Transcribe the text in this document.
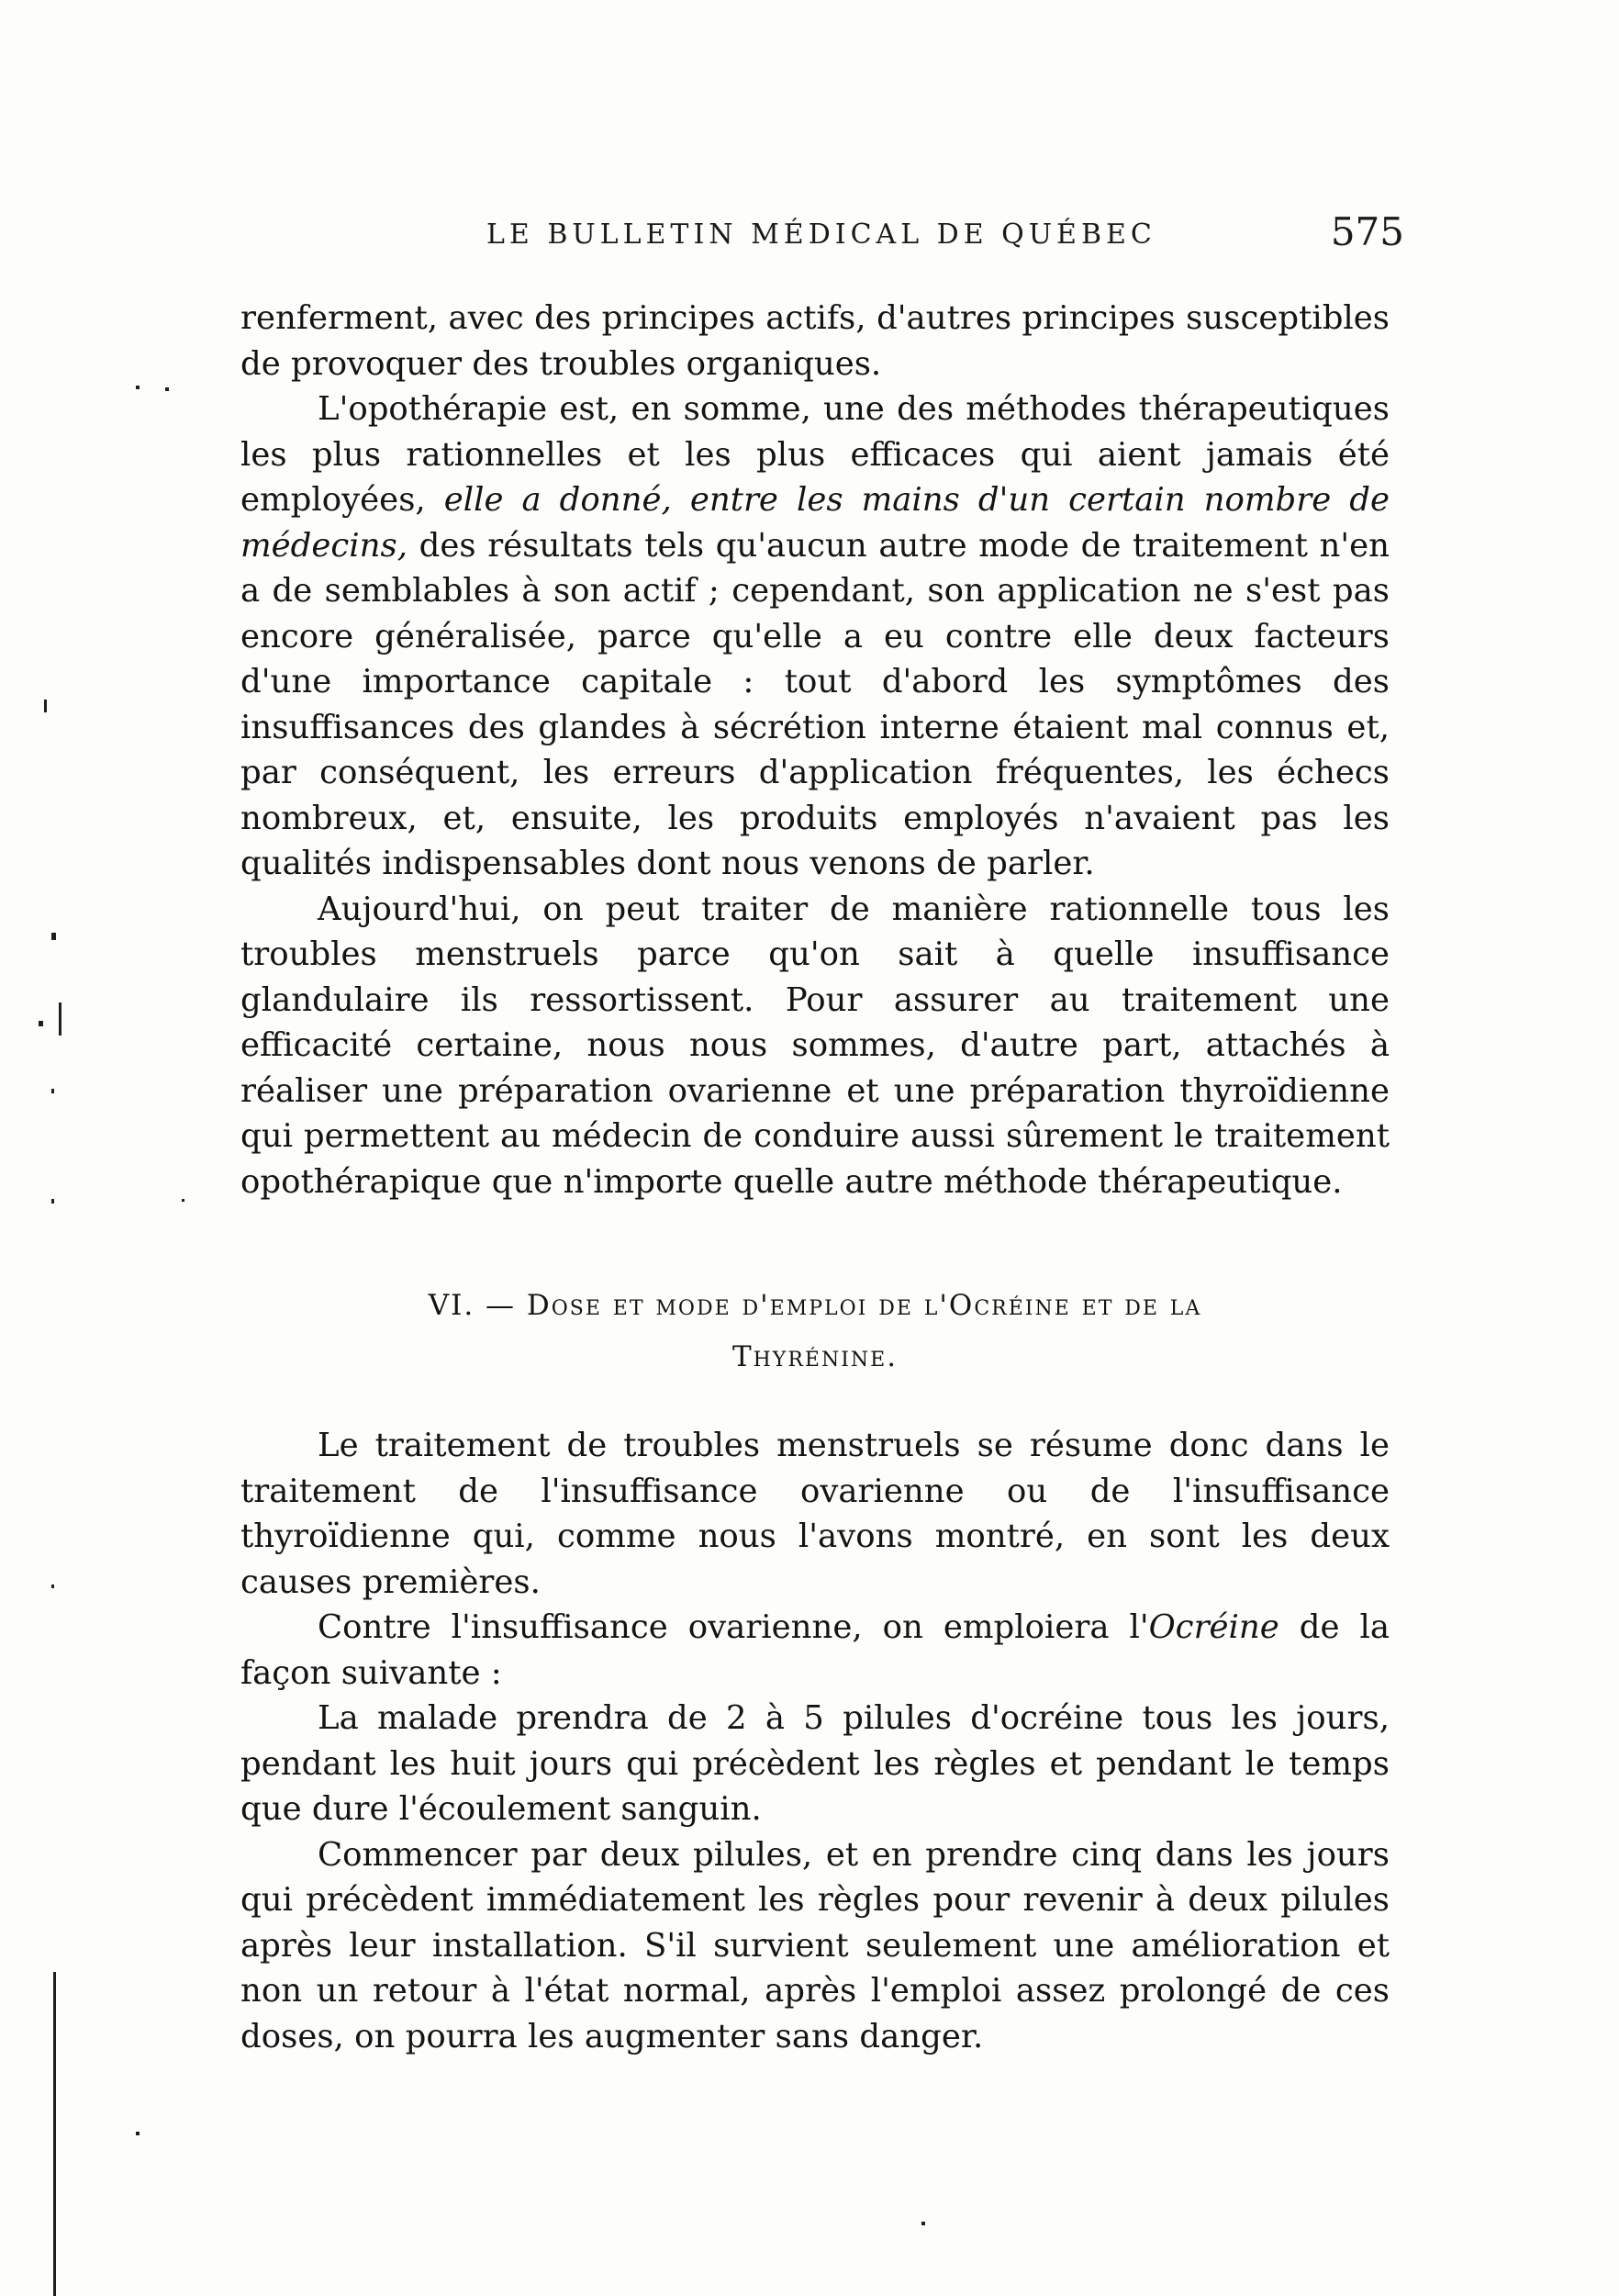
LE BULLETIN MÉDICAL DE QUÉBEC	575

renferment, avec des principes actifs, d'autres principes susceptibles de provoquer des troubles organiques.

L'opothérapie est, en somme, une des méthodes thérapeutiques les plus rationnelles et les plus efficaces qui aient jamais été employées, elle a donné, entre les mains d'un certain nombre de médecins, des résultats tels qu'aucun autre mode de traitement n'en a de semblables à son actif ; cependant, son application ne s'est pas encore généralisée, parce qu'elle a eu contre elle deux facteurs d'une importance capitale : tout d'abord les symptômes des insuffisances des glandes à sécrétion interne étaient mal connus et, par conséquent, les erreurs d'application fréquentes, les échecs nombreux, et, ensuite, les produits employés n'avaient pas les qualités indispensables dont nous venons de parler.

Aujourd'hui, on peut traiter de manière rationnelle tous les troubles menstruels parce qu'on sait à quelle insuffisance glandulaire ils ressortissent. Pour assurer au traitement une efficacité certaine, nous nous sommes, d'autre part, attachés à réaliser une préparation ovarienne et une préparation thyroïdienne qui permettent au médecin de conduire aussi sûrement le traitement opothérapique que n'importe quelle autre méthode thérapeutique.

VI. — Dose et mode d'emploi de l'Ocréine et de la
Thyrénine.

Le traitement de troubles menstruels se résume donc dans le traitement de l'insuffisance ovarienne ou de l'insuffisance thyroïdienne qui, comme nous l'avons montré, en sont les deux causes premières.

Contre l'insuffisance ovarienne, on emploiera l'Ocréine de la façon suivante :

La malade prendra de 2 à 5 pilules d'ocréine tous les jours, pendant les huit jours qui précèdent les règles et pendant le temps que dure l'écoulement sanguin.

Commencer par deux pilules, et en prendre cinq dans les jours qui précèdent immédiatement les règles pour revenir à deux pilules après leur installation. S'il survient seulement une amélioration et non un retour à l'état normal, après l'emploi assez prolongé de ces doses, on pourra les augmenter sans danger.
